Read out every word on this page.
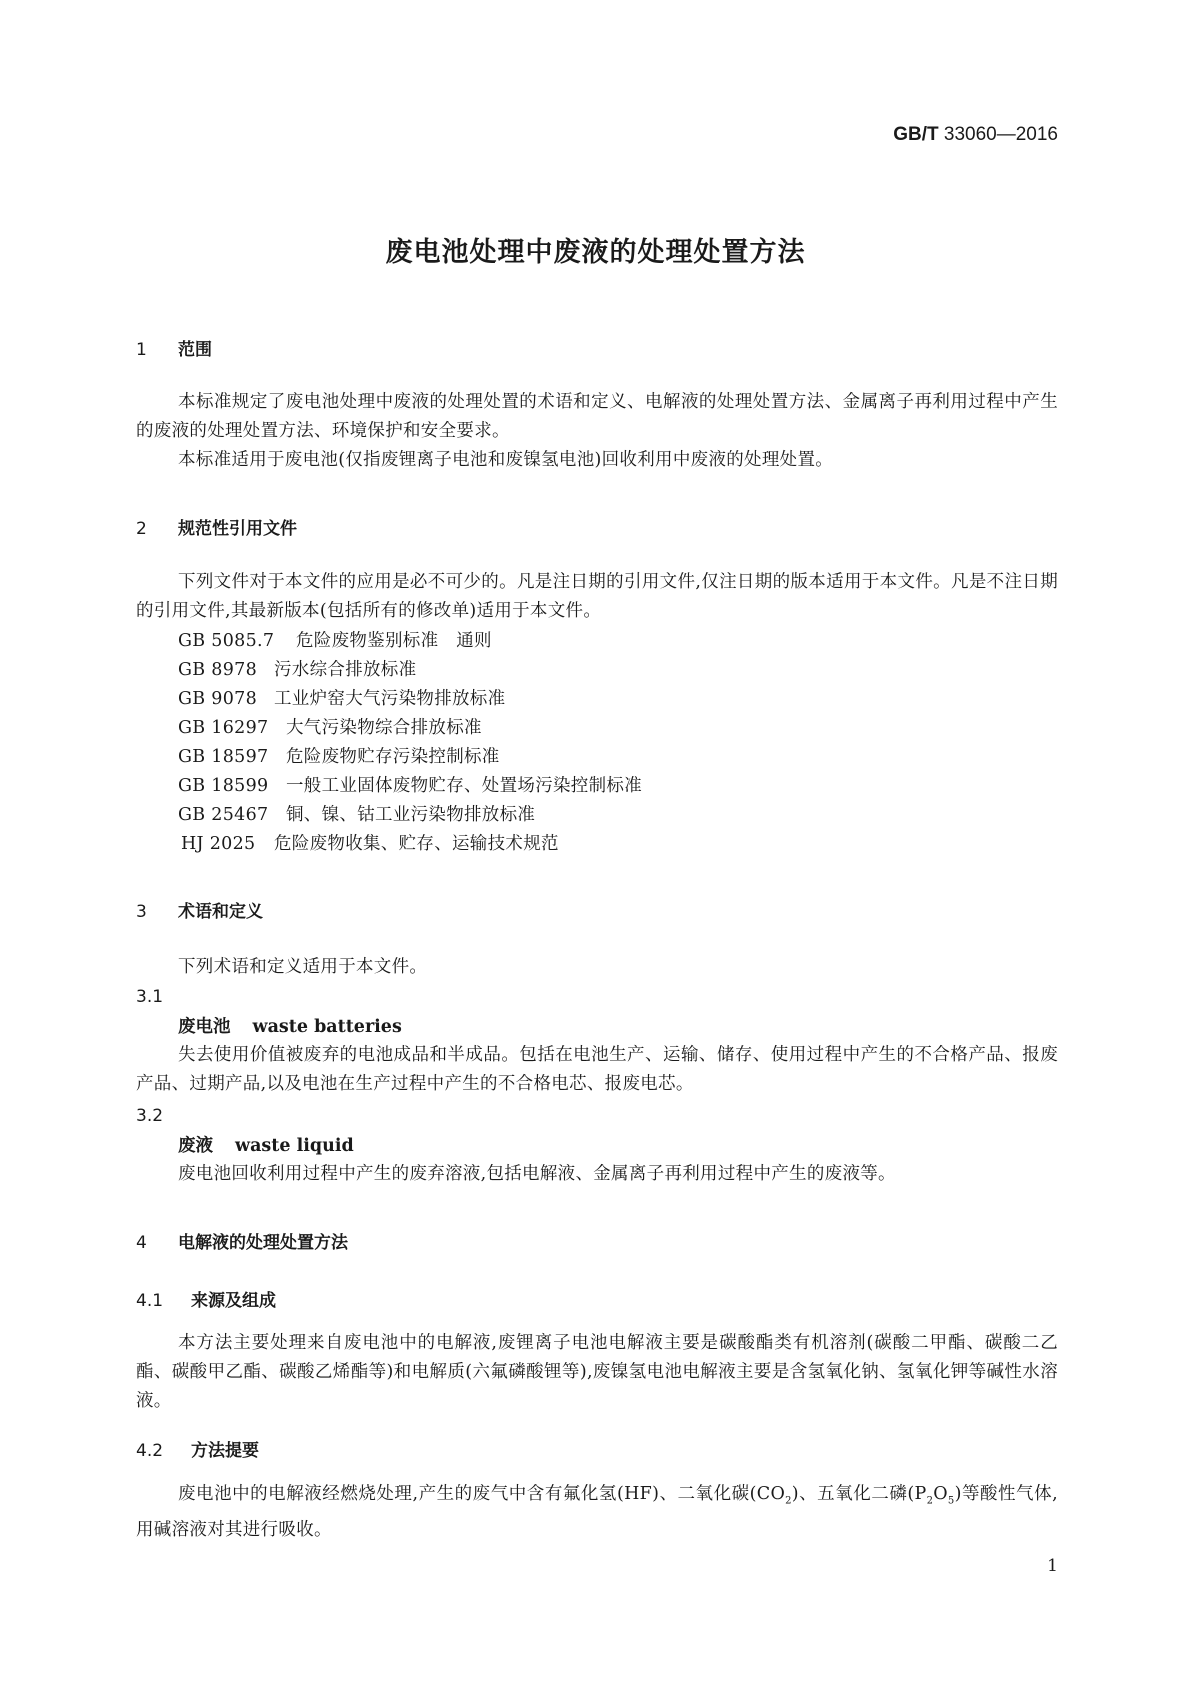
GB/T 33060—2016
废电池处理中废液的处理处置方法
1 范围
本标准规定了废电池处理中废液的处理处置的术语和定义、电解液的处理处置方法、金属离子再利用过程中产生的废液的处理处置方法、环境保护和安全要求。
本标准适用于废电池(仅指废锂离子电池和废镍氢电池)回收利用中废液的处理处置。
2 规范性引用文件
下列文件对于本文件的应用是必不可少的。凡是注日期的引用文件,仅注日期的版本适用于本文件。凡是不注日期的引用文件,其最新版本(包括所有的修改单)适用于本文件。
GB 5085.7 危险废物鉴别标准　通则
GB 8978 污水综合排放标准
GB 9078 工业炉窑大气污染物排放标准
GB 16297 大气污染物综合排放标准
GB 18597 危险废物贮存污染控制标准
GB 18599 一般工业固体废物贮存、处置场污染控制标准
GB 25467 铜、镍、钴工业污染物排放标准
HJ 2025 危险废物收集、贮存、运输技术规范
3 术语和定义
下列术语和定义适用于本文件。
3.1
废电池 waste batteries
失去使用价值被废弃的电池成品和半成品。包括在电池生产、运输、储存、使用过程中产生的不合格产品、报废产品、过期产品,以及电池在生产过程中产生的不合格电芯、报废电芯。
3.2
废液 waste liquid
废电池回收利用过程中产生的废弃溶液,包括电解液、金属离子再利用过程中产生的废液等。
4 电解液的处理处置方法
4.1 来源及组成
本方法主要处理来自废电池中的电解液,废锂离子电池电解液主要是碳酸酯类有机溶剂(碳酸二甲酯、碳酸二乙酯、碳酸甲乙酯、碳酸乙烯酯等)和电解质(六氟磷酸锂等),废镍氢电池电解液主要是含氢氧化钠、氢氧化钾等碱性水溶液。
4.2 方法提要
废电池中的电解液经燃烧处理,产生的废气中含有氟化氢(HF)、二氧化碳$(CO_2)$、五氧化二磷$(P_2O_5)$等酸性气体,用碱溶液对其进行吸收。
1
